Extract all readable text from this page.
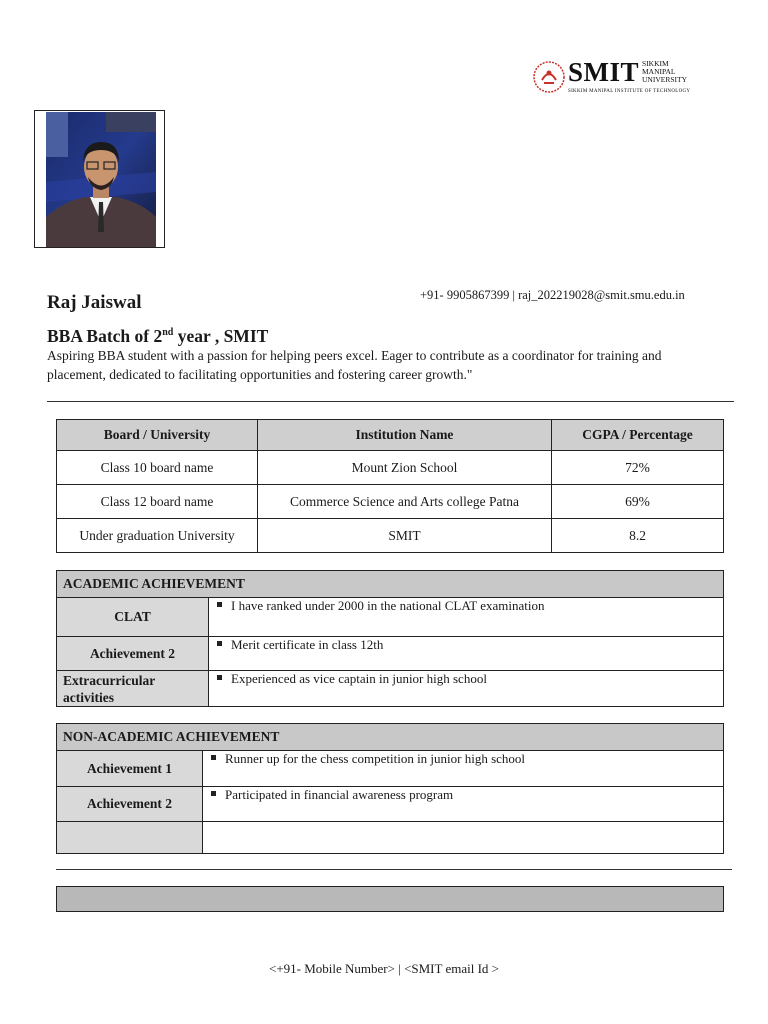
SMIT SIKKIM
MANIPAL
UNIVERSITY
SIKKIM MANIPAL INSTITUTE OF TECHNOLOGY
Raj Jaiswal	+91- 9905867399 | raj_202219028@smit.smu.edu.in
BBA Batch of 2nd year , SMIT
Aspiring BBA student with a passion for helping peers excel. Eager to contribute as a coordinator for training and placement, dedicated to facilitating opportunities and fostering career growth."
Board / University	Institution Name	CGPA / Percentage
Class 10 board name	Mount Zion School	72%
Class 12 board name	Commerce Science and Arts college Patna	69%
Under graduation University	SMIT	8.2
ACADEMIC ACHIEVEMENT	
CLAT	I have ranked under 2000 in the national CLAT examination
Achievement 2	Merit certificate in class 12th
Extracurricular activities	Experienced as vice captain in junior high school
NON-ACADEMIC ACHIEVEMENT	
Achievement 1	Runner up for the chess competition in junior high school
Achievement 2	Participated in financial awareness program

<+91- Mobile Number> | <SMIT email Id >
